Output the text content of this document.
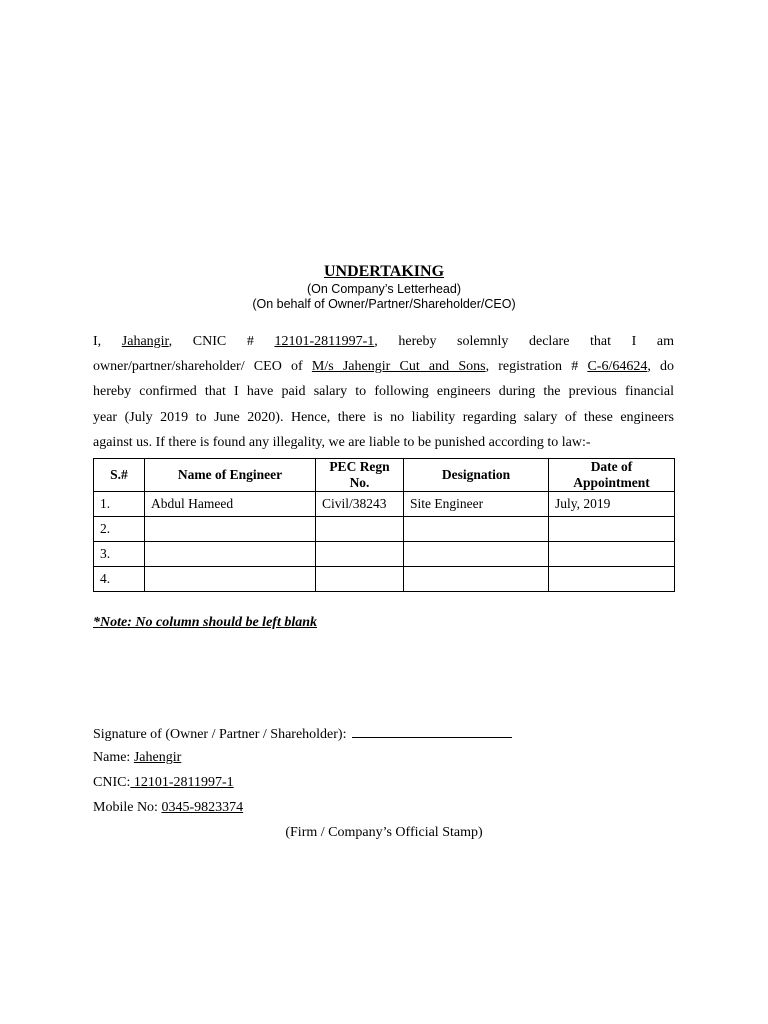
UNDERTAKING
(On Company’s Letterhead)
(On behalf of Owner/Partner/Shareholder/CEO)
I, Jahangir, CNIC # 12101-2811997-1, hereby solemnly declare that I am
owner/partner/shareholder/ CEO of M/s Jahengir Cut and Sons, registration # C-6/64624, do
hereby confirmed that I have paid salary to following engineers during the previous financial
year (July 2019 to June 2020). Hence, there is no liability regarding salary of these engineers
against us. If there is found any illegality, we are liable to be punished according to law:-
S.#	Name of Engineer	PEC Regn No.	Designation	Date of Appointment
1.	Abdul Hameed	Civil/38243	Site Engineer	July, 2019
2.				
3.				
4.				
*Note: No column should be left blank
Signature of (Owner / Partner / Shareholder):
Name: Jahengir
CNIC: 12101-2811997-1
Mobile No: 0345-9823374
(Firm / Company’s Official Stamp)
